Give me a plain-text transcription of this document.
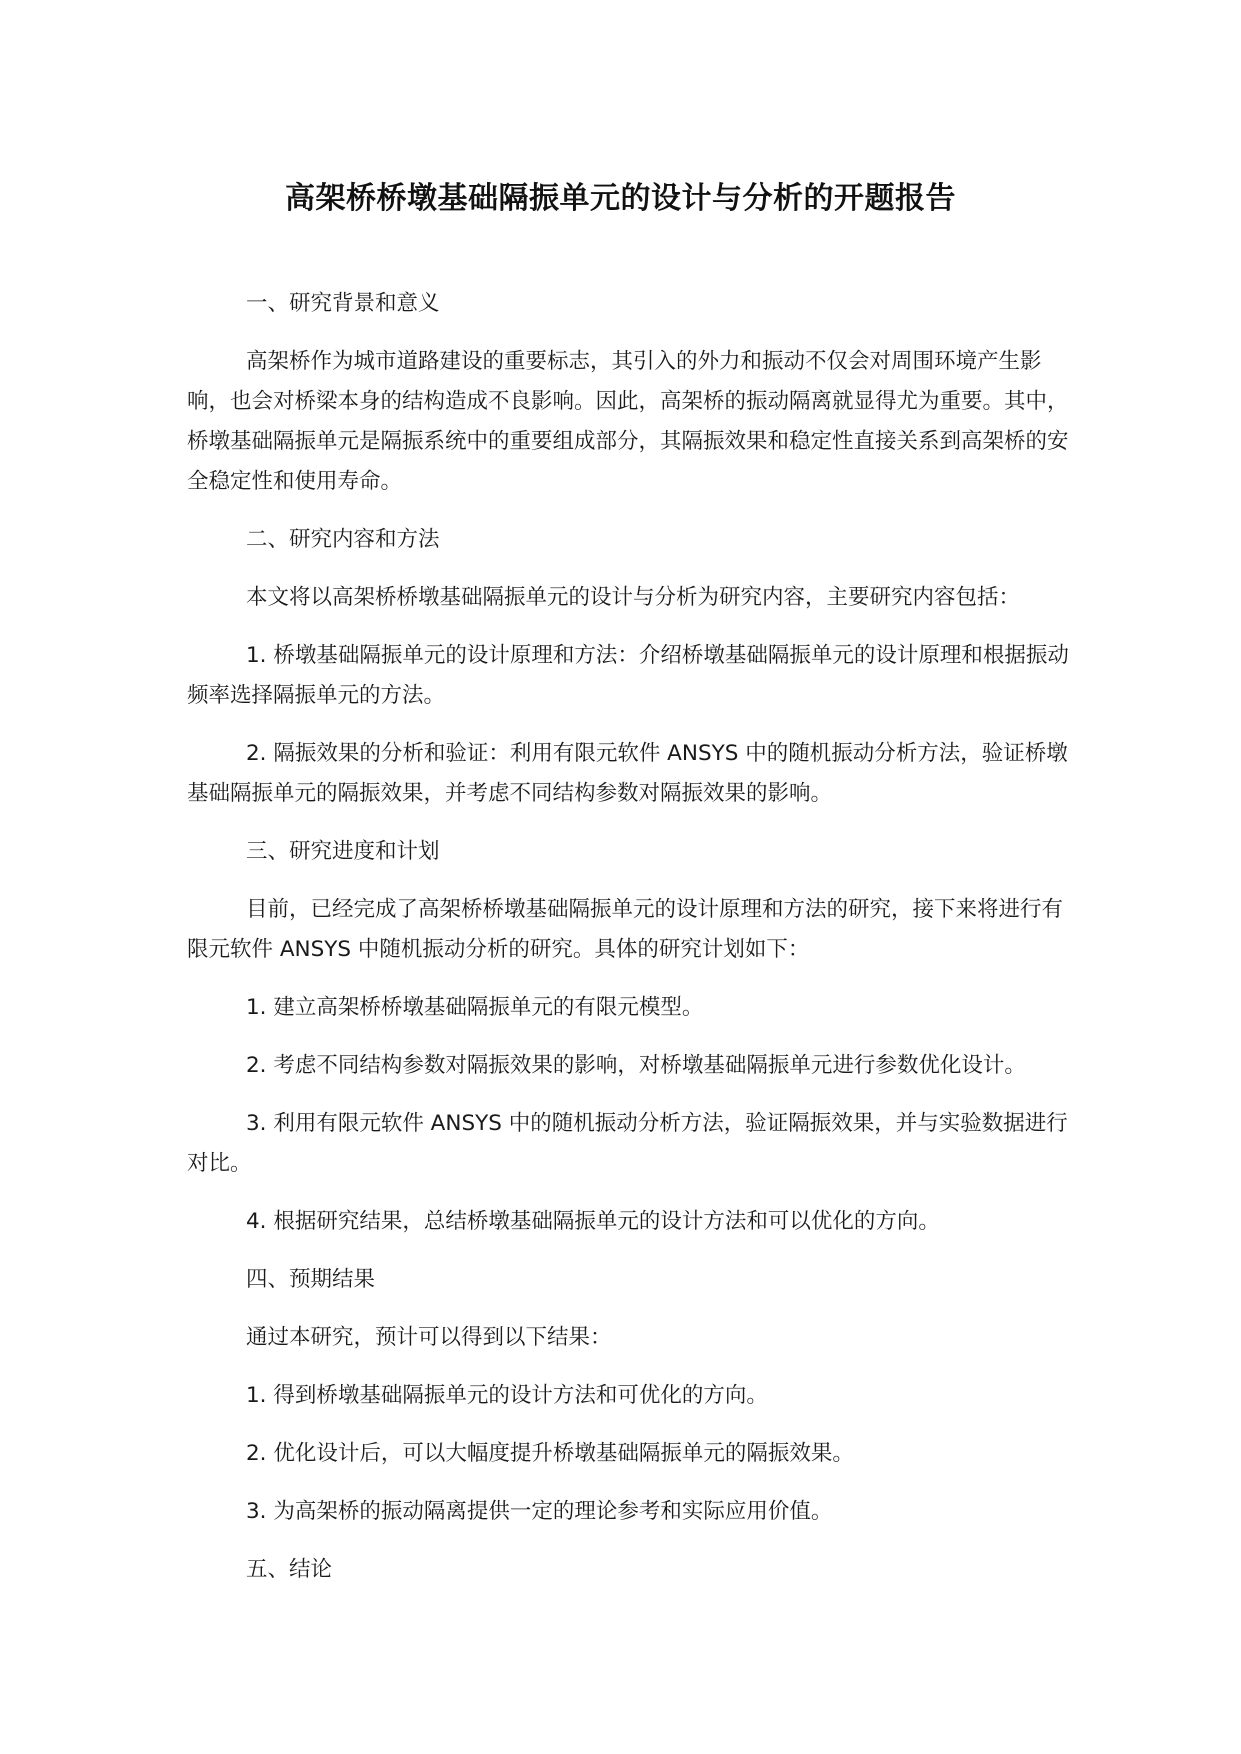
高架桥桥墩基础隔振单元的设计与分析的开题报告
一、研究背景和意义

高架桥作为城市道路建设的重要标志，其引入的外力和振动不仅会对周围环境产生影响，也会对桥梁本身的结构造成不良影响。因此，高架桥的振动隔离就显得尤为重要。其中，桥墩基础隔振单元是隔振系统中的重要组成部分，其隔振效果和稳定性直接关系到高架桥的安全稳定性和使用寿命。

二、研究内容和方法

本文将以高架桥桥墩基础隔振单元的设计与分析为研究内容，主要研究内容包括：

1. 桥墩基础隔振单元的设计原理和方法：介绍桥墩基础隔振单元的设计原理和根据振动频率选择隔振单元的方法。

2. 隔振效果的分析和验证：利用有限元软件 ANSYS 中的随机振动分析方法，验证桥墩基础隔振单元的隔振效果，并考虑不同结构参数对隔振效果的影响。

三、研究进度和计划

目前，已经完成了高架桥桥墩基础隔振单元的设计原理和方法的研究，接下来将进行有限元软件 ANSYS 中随机振动分析的研究。具体的研究计划如下：

1. 建立高架桥桥墩基础隔振单元的有限元模型。

2. 考虑不同结构参数对隔振效果的影响，对桥墩基础隔振单元进行参数优化设计。

3. 利用有限元软件 ANSYS 中的随机振动分析方法，验证隔振效果，并与实验数据进行对比。

4. 根据研究结果，总结桥墩基础隔振单元的设计方法和可以优化的方向。

四、预期结果

通过本研究，预计可以得到以下结果：

1. 得到桥墩基础隔振单元的设计方法和可优化的方向。

2. 优化设计后，可以大幅度提升桥墩基础隔振单元的隔振效果。

3. 为高架桥的振动隔离提供一定的理论参考和实际应用价值。

五、结论
